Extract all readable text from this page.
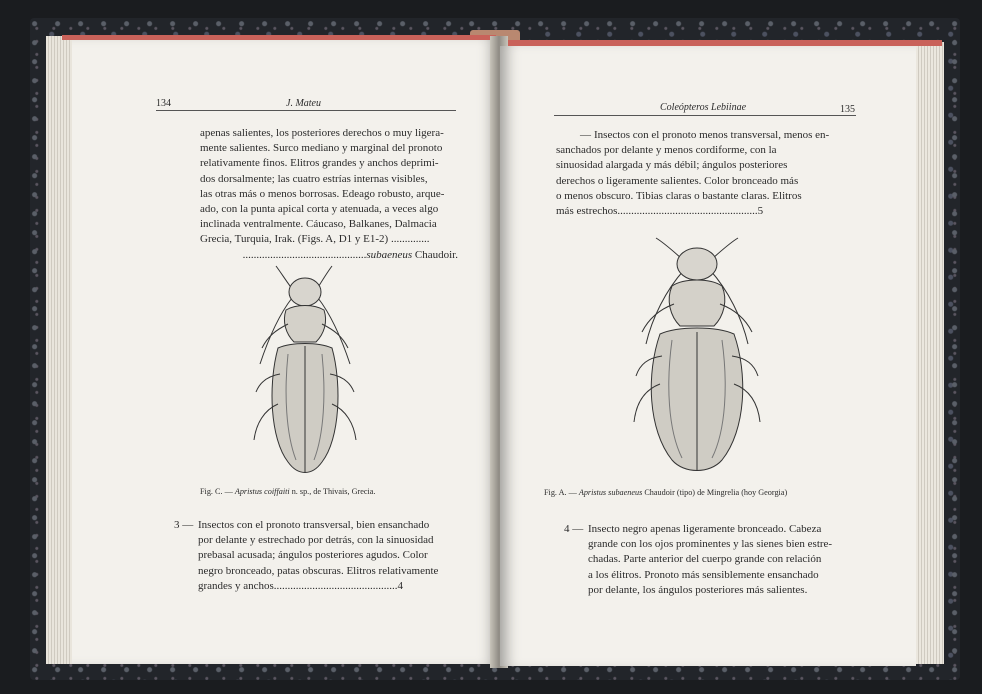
134	J. Mateu

apenas salientes, los posteriores derechos o muy ligera-

mente salientes. Surco mediano y marginal del pronoto

relativamente finos. Elitros grandes y anchos deprimi-

dos dorsalmente; las cuatro estrías internas visibles,

las otras más o menos borrosas. Edeago robusto, arque-

ado, con la punta apical corta y atenuada, a veces algo

inclinada ventralmente. Cáucaso, Balkanes, Dalmacia

Grecia, Turquia, Irak. (Figs. A, D1 y E1-2) ..............

.............................................subaeneus Chaudoir.

Fig. C. — Apristus coiffaiti n. sp., de Thivais, Grecia.
3 — Insectos con el pronoto transversal, bien ensanchado
por delante y estrechado por detrás, con la sinuosidad
prebasal acusada; ángulos posteriores agudos. Color
negro bronceado, patas obscuras. Elitros relativamente
grandes y anchos.............................................4
Coleópteros Lebiinae	135
— Insectos con el pronoto menos transversal, menos en-
sanchados por delante y menos cordiforme, con la
sinuosidad alargada y más débil; ángulos posteriores
derechos o ligeramente salientes. Color bronceado más
o menos obscuro. Tibias claras o bastante claras. Elitros
más estrechos...................................................5
Fig. A. — Apristus subaeneus Chaudoir (tipo) de Mingrelia (hoy Georgia)
4 — Insecto negro apenas ligeramente bronceado. Cabeza
grande con los ojos prominentes y las sienes bien estre-
chadas. Parte anterior del cuerpo grande con relación
a los élitros. Pronoto más sensiblemente ensanchado
por delante, los ángulos posteriores más salientes.
